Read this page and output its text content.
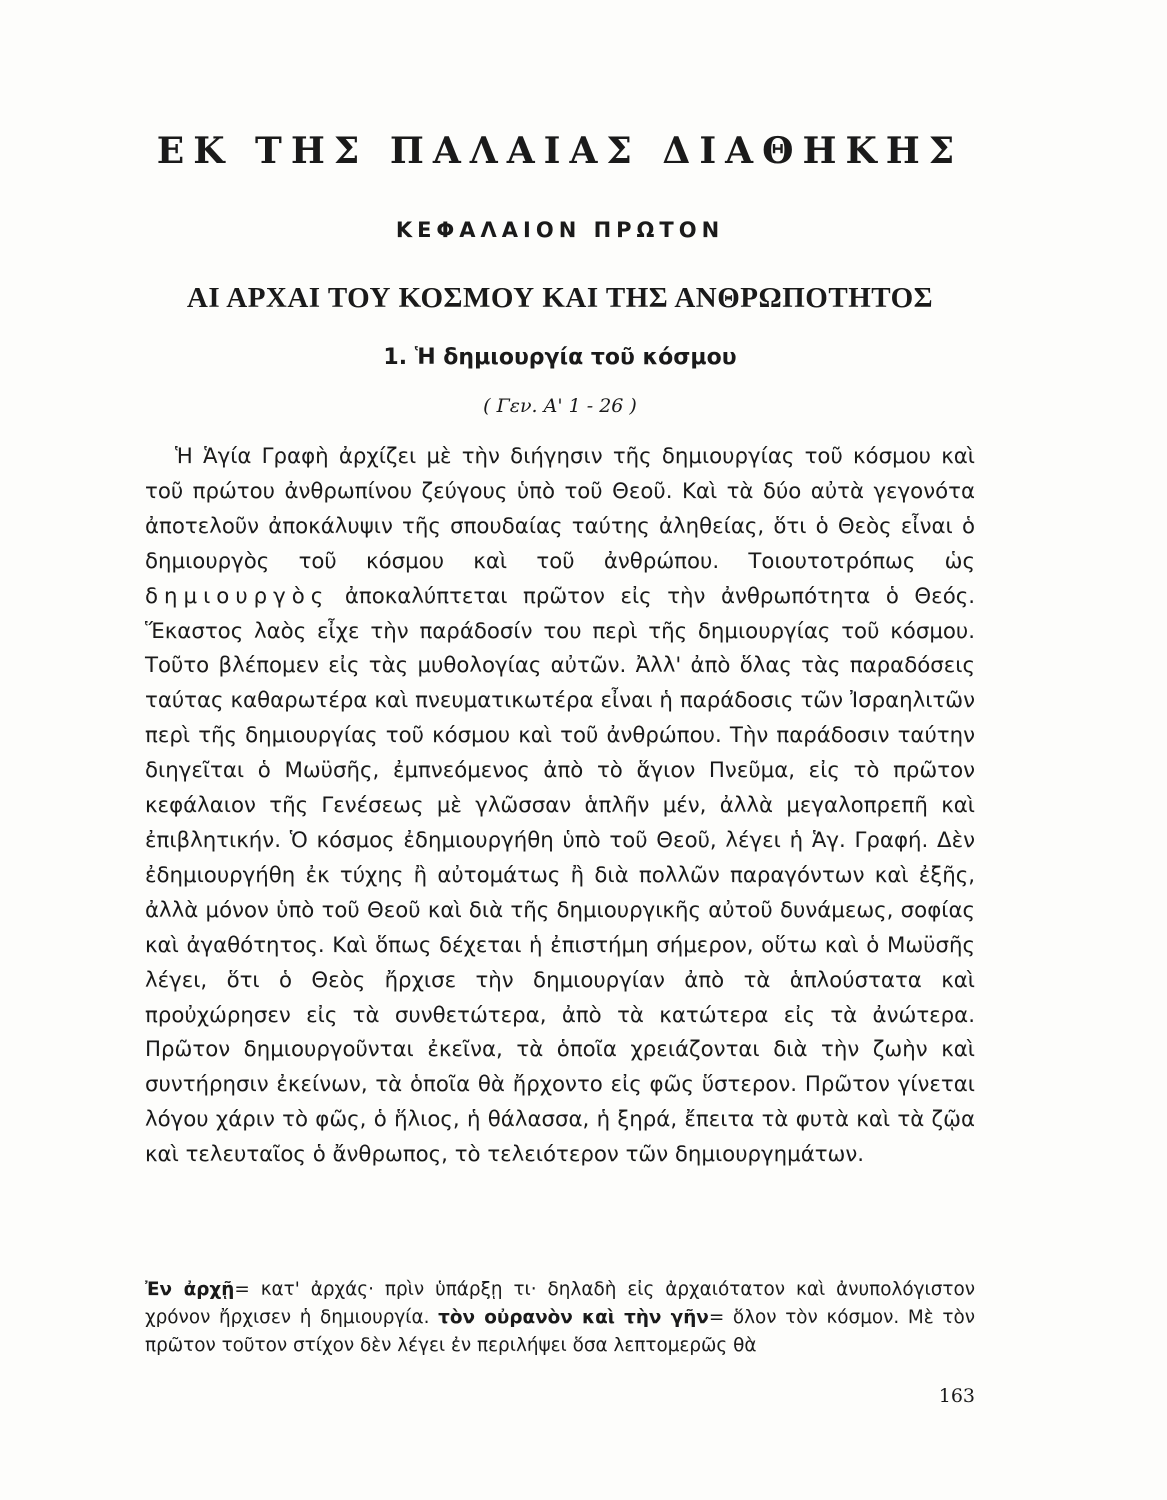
ΕΚ ΤΗΣ ΠΑΛΑΙΑΣ ΔΙΑΘΗΚΗΣ
ΚΕΦΑΛΑΙΟΝ ΠΡΩΤΟΝ
ΑΙ ΑΡΧΑΙ ΤΟΥ ΚΟΣΜΟΥ ΚΑΙ ΤΗΣ ΑΝΘΡΩΠΟΤΗΤΟΣ
1. Ἡ δημιουργία τοῦ κόσμου

( Γεν. Α' 1 - 26 )

Ἡ Ἁγία Γραφὴ ἀρχίζει μὲ τὴν διήγησιν τῆς δημιουργίας τοῦ κόσμου καὶ τοῦ πρώτου ἀνθρωπίνου ζεύγους ὑπὸ τοῦ Θεοῦ. Καὶ τὰ δύο αὐτὰ γεγονότα ἀποτελοῦν ἀποκάλυψιν τῆς σπουδαίας ταύτης ἀληθείας, ὅτι ὁ Θεὸς εἶναι ὁ δημιουργὸς τοῦ κόσμου καὶ τοῦ ἀνθρώπου. Τοιουτοτρόπως ὡς δημιουργὸς ἀποκαλύπτεται πρῶτον εἰς τὴν ἀνθρωπότητα ὁ Θεός. Ἕκαστος λαὸς εἶχε τὴν παράδοσίν του περὶ τῆς δημιουργίας τοῦ κόσμου. Τοῦτο βλέπομεν εἰς τὰς μυθολογίας αὐτῶν. Ἀλλ' ἀπὸ ὅλας τὰς παραδόσεις ταύτας καθαρωτέρα καὶ πνευματικωτέρα εἶναι ἡ παράδοσις τῶν Ἰσραηλιτῶν περὶ τῆς δημιουργίας τοῦ κόσμου καὶ τοῦ ἀνθρώπου. Τὴν παράδοσιν ταύτην διηγεῖται ὁ Μωϋσῆς, ἐμπνεόμενος ἀπὸ τὸ ἅγιον Πνεῦμα, εἰς τὸ πρῶτον κεφάλαιον τῆς Γενέσεως μὲ γλῶσσαν ἁπλῆν μέν, ἀλλὰ μεγαλοπρεπῆ καὶ ἐπιβλητικήν. Ὁ κόσμος ἐδημιουργήθη ὑπὸ τοῦ Θεοῦ, λέγει ἡ Ἁγ. Γραφή. Δὲν ἐδημιουργήθη ἐκ τύχης ἢ αὐτομάτως ἢ διὰ πολλῶν παραγόντων καὶ ἐξῆς, ἀλλὰ μόνον ὑπὸ τοῦ Θεοῦ καὶ διὰ τῆς δημιουργικῆς αὐτοῦ δυνάμεως, σοφίας καὶ ἀγαθότητος. Καὶ ὅπως δέχεται ἡ ἐπιστήμη σήμερον, οὕτω καὶ ὁ Μωϋσῆς λέγει, ὅτι ὁ Θεὸς ἤρχισε τὴν δημιουργίαν ἀπὸ τὰ ἁπλούστατα καὶ προὐχώρησεν εἰς τὰ συνθετώτερα, ἀπὸ τὰ κατώτερα εἰς τὰ ἀνώτερα. Πρῶτον δημιουργοῦνται ἐκεῖνα, τὰ ὁποῖα χρειάζονται διὰ τὴν ζωὴν καὶ συντήρησιν ἐκείνων, τὰ ὁποῖα θὰ ἤρχοντο εἰς φῶς ὕστερον. Πρῶτον γίνεται λόγου χάριν τὸ φῶς, ὁ ἥλιος, ἡ θάλασσα, ἡ ξηρά, ἔπειτα τὰ φυτὰ καὶ τὰ ζῷα καὶ τελευταῖος ὁ ἄνθρωπος, τὸ τελειότερον τῶν δημιουργημάτων.

Ἐν ἀρχῇ= κατ' ἀρχάς· πρὶν ὑπάρξῃ τι· δηλαδὴ εἰς ἀρχαιότατον καὶ ἀνυπολόγιστον χρόνον ἤρχισεν ἡ δημιουργία. τὸν οὐρανὸν καὶ τὴν γῆν= ὅλον τὸν κόσμον. Μὲ τὸν πρῶτον τοῦτον στίχον δὲν λέγει ἐν περιλήψει ὅσα λεπτομερῶς θὰ

163
